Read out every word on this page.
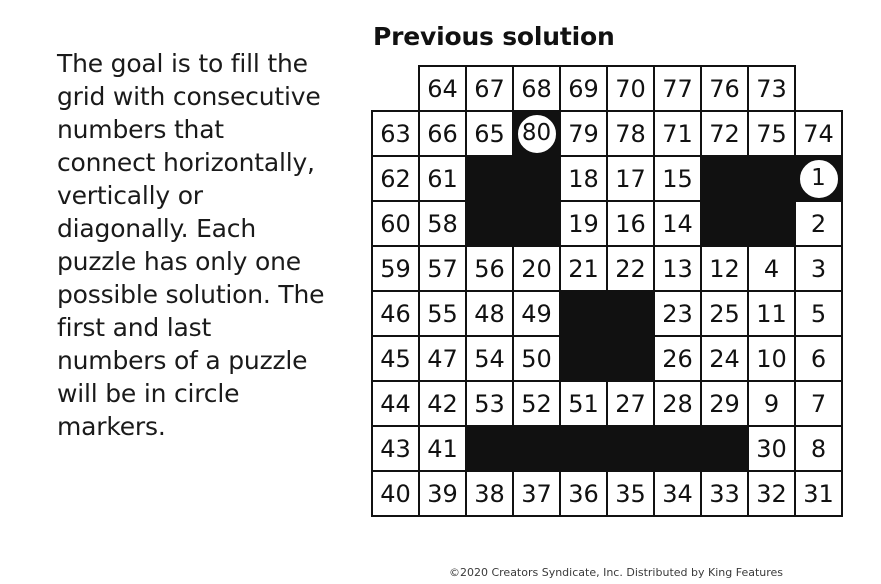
The goal is to fill the grid with consecutive numbers that connect horizontally, vertically or diagonally. Each puzzle has only one possible solution. The first and last numbers of a puzzle will be in circle markers.

Previous solution
	64	67	68	69	70	77	76	73	
63	66	65	80	79	78	71	72	75	74
62	61			18	17	15			1
60	58			19	16	14			2
59	57	56	20	21	22	13	12	4	3
46	55	48	49			23	25	11	5
45	47	54	50			26	24	10	6
44	42	53	52	51	27	28	29	9	7
43	41							30	8
40	39	38	37	36	35	34	33	32	31
©2020 Creators Syndicate, Inc. Distributed by King Features
